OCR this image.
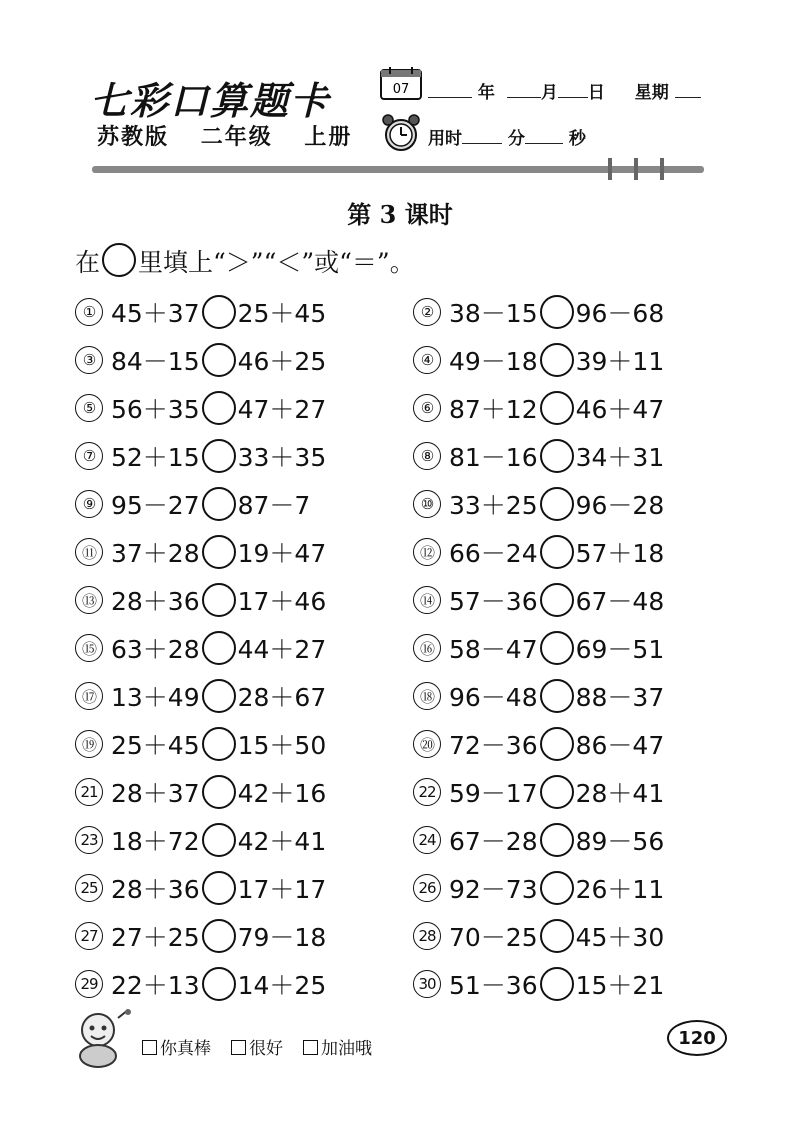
七彩口算题卡
苏教版 二年级 上册
07	年	月 日 星期
用时	分	秒
第 3 课时
在 里填上“＞”“＜”或“＝”。
① 45＋37 25＋45	② 38－15 96－68
③ 84－15 46＋25	④ 49－18 39＋11
⑤ 56＋35 47＋27	⑥ 87＋12 46＋47
⑦ 52＋15 33＋35	⑧ 81－16 34＋31
⑨ 95－27 87－7	⑩ 33＋25 96－28
⑪ 37＋28 19＋47	⑫ 66－24 57＋18
⑬ 28＋36 17＋46	⑭ 57－36 67－48
⑮ 63＋28 44＋27	⑯ 58－47 69－51
⑰ 13＋49 28＋67	⑱ 96－48 88－37
⑲ 25＋45 15＋50	⑳ 72－36 86－47
21 28＋37 42＋16	22 59－17 28＋41
23 18＋72 42＋41	24 67－28 89－56
25 28＋36 17＋17	26 92－73 26＋11
27 27＋25 79－18	28 70－25 45＋30
29 22＋13 14＋25	30 51－36 15＋21
你真棒	很好	加油哦
120
